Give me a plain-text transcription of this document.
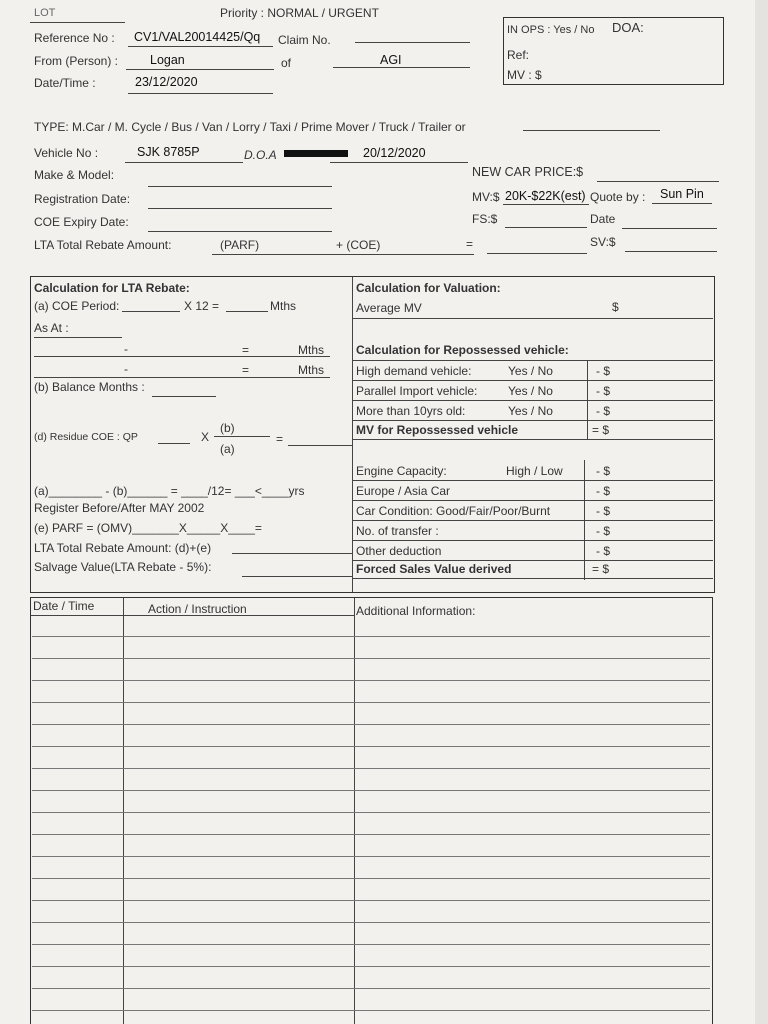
LOT	Priority : NORMAL / URGENT
Reference No : CV1/VAL20014425/Qq Claim No.
From (Person) :	Logan	of	AGI
Date/Time :	23/12/2020
IN OPS : Yes / No DOA:
Ref:
MV : $
TYPE: M.Car / M. Cycle / Bus / Van / Lorry / Taxi / Prime Mover / Truck / Trailer or
Vehicle No :	SJK 8785P	D.O.A	20/12/2020
Make & Model:	NEW CAR PRICE:$
Registration Date:	MV:$ 20K-$22K(est) Quote by : Sun Pin
COE Expiry Date:	FS:$	Date
LTA Total Rebate Amount:	(PARF)	+ (COE)	=	SV:$
Calculation for LTA Rebate:
(a) COE Period:	X 12 =	Mths
As At :
-	=	Mths
-	=	Mths
(b) Balance Months :
(d) Residue COE : QP	X
(b)
(a)
=
(a)________ - (b)______ = ____/12= ___<____yrs
Register Before/After MAY 2002
(e) PARF = (OMV)_______X_____X____=
LTA Total Rebate Amount: (d)+(e)
Salvage Value(LTA Rebate - 5%):
Calculation for Valuation:
Average MV	$
Calculation for Repossessed vehicle:
High demand vehicle:	Yes / No	- $
Parallel Import vehicle:	Yes / No	- $
More than 10yrs old:	Yes / No	- $
MV for Repossessed vehicle	= $
Engine Capacity:	High / Low	- $
Europe / Asia Car	- $
Car Condition: Good/Fair/Poor/Burnt	- $
No. of transfer :	- $
Other deduction	- $
Forced Sales Value derived	= $
Date / Time	Action / Instruction	Additional Information:
